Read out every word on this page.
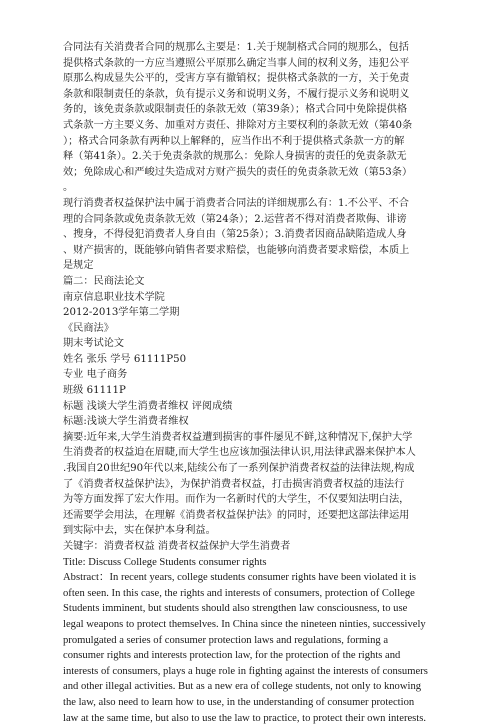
合同法有关消费者合同的规那么主要是：1.关于规制格式合同的规那么，包括
提供格式条款的一方应当遵照公平原那么确定当事人间的权利义务，违犯公平
原那么构成显失公平的，受害方享有撤销权；提供格式条款的一方，关于免责
条款和限制责任的条款，负有提示义务和说明义务，不履行提示义务和说明义
务的，该免责条款或限制责任的条款无效（第39条）；格式合同中免除提供格
式条款一方主要义务、加重对方责任、排除对方主要权利的条款无效（第40条
）；格式合同条款有两种以上解释的，应当作出不利于提供格式条款一方的解
释（第41条）。2.关于免责条款的规那么：免除人身损害的责任的免责条款无
效；免除成心和严峻过失造成对方财产损失的责任的免责条款无效（第53条）
。
现行消费者权益保护法中属于消费者合同法的详细规那么有：1.不公平、不合
理的合同条款或免责条款无效（第24条）；2.运营者不得对消费者欺侮、诽谤
、搜身，不得侵犯消费者人身自由（第25条）；3.消费者因商品缺陷造成人身
、财产损害的，既能够向销售者要求赔偿，也能够向消费者要求赔偿，本质上
是规定
篇二：民商法论文
南京信息职业技术学院
2012-2013学年第二学期
《民商法》
期末考试论文
姓名 张乐 学号 61111P50
专业 电子商务
班级 61111P
标题 浅谈大学生消费者维权 评阅成绩
标题:浅谈大学生消费者维权
摘要:近年来,大学生消费者权益遭到损害的事件屡见不鲜,这种情况下,保护大学
生消费者的权益迫在眉睫,而大学生也应该加强法律认识,用法律武器来保护本人
.我国自20世纪90年代以来,陆续公布了一系列保护消费者权益的法律法规,构成
了《消费者权益保护法》，为保护消费者权益，打击损害消费者权益的违法行
为等方面发挥了宏大作用。而作为一名新时代的大学生，不仅要知法明白法，
还需要学会用法，在理解《消费者权益保护法》的同时，还要把这部法律运用
到实际中去，实在保护本身利益。
关键字：消费者权益 消费者权益保护大学生消费者
Title: Discuss College Students consumer rights
Abstract：In recent years, college students consumer rights have been violated it is
often seen. In this case, the rights and interests of consumers, protection of College
Students imminent, but students should also strengthen law consciousness, to use
legal weapons to protect themselves. In China since the nineteen ninties, successively
promulgated a series of consumer protection laws and regulations, forming a
consumer rights and interests protection law, for the protection of the rights and
interests of consumers, plays a huge role in fighting against the interests of consumers
and other illegal activities. But as a new era of college students, not only to knowing
the law, also need to learn how to use, in the understanding of consumer protection
law at the same time, but also to use the law to practice, to protect their own interests.
